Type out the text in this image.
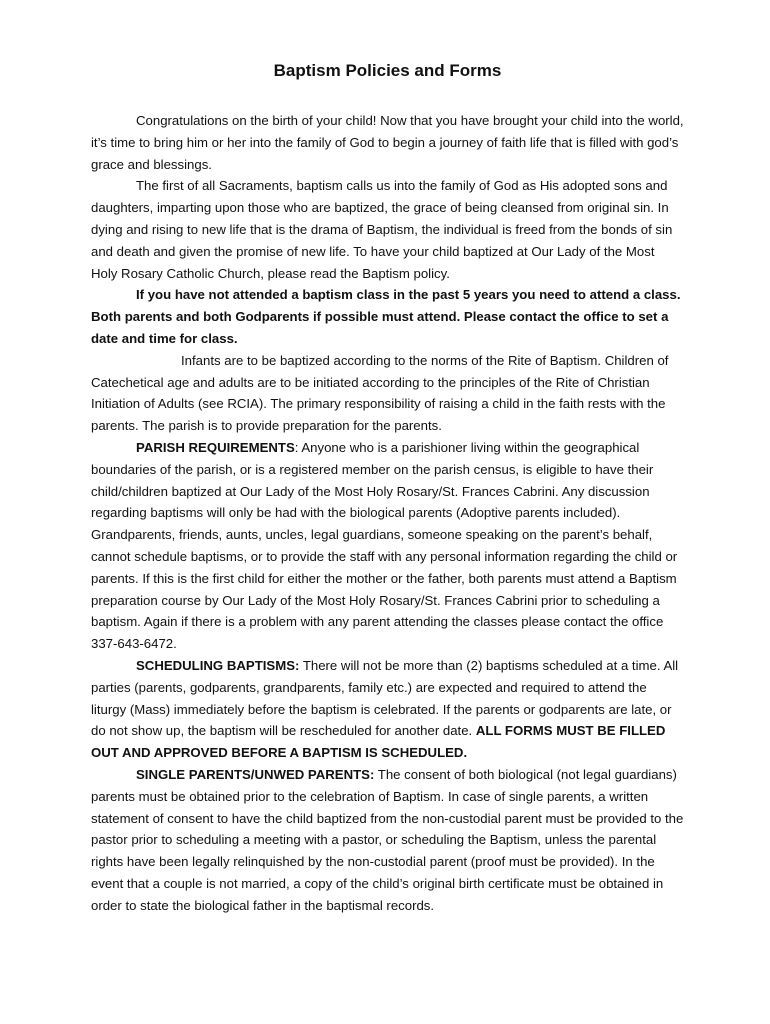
Baptism Policies and Forms

Congratulations on the birth of your child! Now that you have brought your child into the world, it’s time to bring him or her into the family of God to begin a journey of faith life that is filled with god’s grace and blessings.

The first of all Sacraments, baptism calls us into the family of God as His adopted sons and daughters, imparting upon those who are baptized, the grace of being cleansed from original sin. In dying and rising to new life that is the drama of Baptism, the individual is freed from the bonds of sin and death and given the promise of new life. To have your child baptized at Our Lady of the Most Holy Rosary Catholic Church, please read the Baptism policy.

If you have not attended a baptism class in the past 5 years you need to attend a class. Both parents and both Godparents if possible must attend. Please contact the office to set a date and time for class.

Infants are to be baptized according to the norms of the Rite of Baptism. Children of Catechetical age and adults are to be initiated according to the principles of the Rite of Christian Initiation of Adults (see RCIA). The primary responsibility of raising a child in the faith rests with the parents. The parish is to provide preparation for the parents.

PARISH REQUIREMENTS: Anyone who is a parishioner living within the geographical boundaries of the parish, or is a registered member on the parish census, is eligible to have their child/children baptized at Our Lady of the Most Holy Rosary/St. Frances Cabrini. Any discussion regarding baptisms will only be had with the biological parents (Adoptive parents included). Grandparents, friends, aunts, uncles, legal guardians, someone speaking on the parent’s behalf, cannot schedule baptisms, or to provide the staff with any personal information regarding the child or parents. If this is the first child for either the mother or the father, both parents must attend a Baptism preparation course by Our Lady of the Most Holy Rosary/St. Frances Cabrini prior to scheduling a baptism. Again if there is a problem with any parent attending the classes please contact the office 337-643-6472.

SCHEDULING BAPTISMS: There will not be more than (2) baptisms scheduled at a time. All parties (parents, godparents, grandparents, family etc.) are expected and required to attend the liturgy (Mass) immediately before the baptism is celebrated. If the parents or godparents are late, or do not show up, the baptism will be rescheduled for another date. ALL FORMS MUST BE FILLED OUT AND APPROVED BEFORE A BAPTISM IS SCHEDULED.

SINGLE PARENTS/UNWED PARENTS: The consent of both biological (not legal guardians) parents must be obtained prior to the celebration of Baptism. In case of single parents, a written statement of consent to have the child baptized from the non-custodial parent must be provided to the pastor prior to scheduling a meeting with a pastor, or scheduling the Baptism, unless the parental rights have been legally relinquished by the non-custodial parent (proof must be provided). In the event that a couple is not married, a copy of the child’s original birth certificate must be obtained in order to state the biological father in the baptismal records.
